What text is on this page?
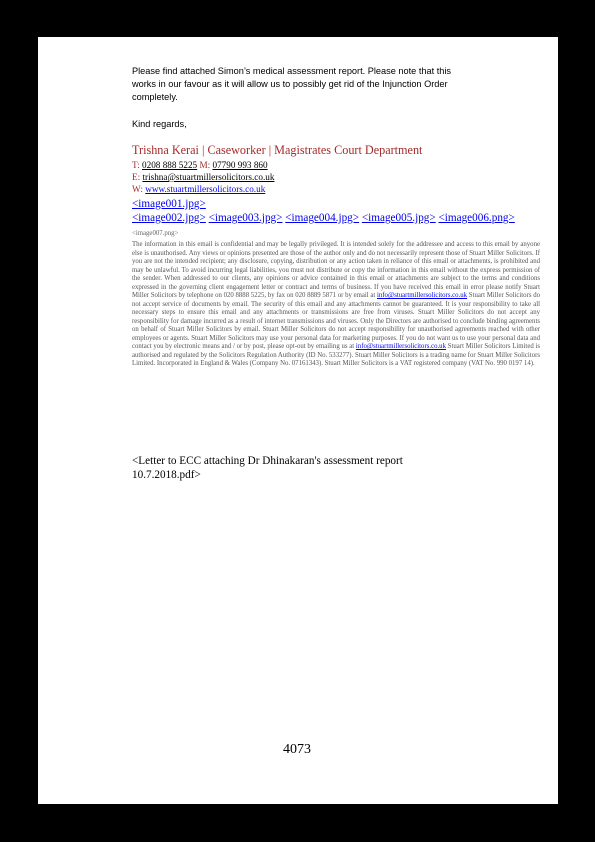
Please find attached Simon’s medical assessment report. Please note that this works in our favour as it will allow us to possibly get rid of the Injunction Order completely.
Kind regards,
Trishna Kerai | Caseworker | Magistrates Court Department
T: 0208 888 5225 M: 07790 993 860
E: trishna@stuartmillersolicitors.co.uk
W: www.stuartmillersolicitors.co.uk
<image001.jpg>
<image002.jpg> <image003.jpg> <image004.jpg> <image005.jpg> <image006.png>
<image007.png>
The information in this email is confidential and may be legally privileged. It is intended solely for the addressee and access to this email by anyone else is unauthorised. Any views or opinions presented are those of the author only and do not necessarily represent those of Stuart Miller Solicitors. If you are not the intended recipient; any disclosure, copying, distribution or any action taken in reliance of this email or attachments, is prohibited and may be unlawful. To avoid incurring legal liabilities, you must not distribute or copy the information in this email without the express permission of the sender. When addressed to our clients, any opinions or advice contained in this email or attachments are subject to the terms and conditions expressed in the governing client engagement letter or contract and terms of business. If you have received this email in error please notify Stuart Miller Solicitors by telephone on 020 8888 5225, by fax on 020 8889 5871 or by email at info@stuartmillersolicitors.co.uk Stuart Miller Solicitors do not accept service of documents by email. The security of this email and any attachments cannot be guaranteed. It is your responsibility to take all necessary steps to ensure this email and any attachments or transmissions are free from viruses. Stuart Miller Solicitors do not accept any responsibility for damage incurred as a result of internet transmissions and viruses. Only the Directors are authorised to conclude binding agreements on behalf of Stuart Miller Solicitors by email. Stuart Miller Solicitors do not accept responsibility for unauthorised agreements reached with other employees or agents. Stuart Miller Solicitors may use your personal data for marketing purposes. If you do not want us to use your personal data and contact you by electronic means and / or by post, please opt-out by emailing us at info@stuartmillersolicitors.co.uk Stuart Miller Solicitors Limited is authorised and regulated by the Solicitors Regulation Authority (ID No. 533277). Stuart Miller Solicitors is a trading name for Stuart Miller Solicitors Limited. Incorporated in England & Wales (Company No. 07161343). Stuart Miller Solicitors is a VAT registered company (VAT No. 990 0197 14).
<Letter to ECC attaching Dr Dhinakaran's assessment report 10.7.2018.pdf>
4073
